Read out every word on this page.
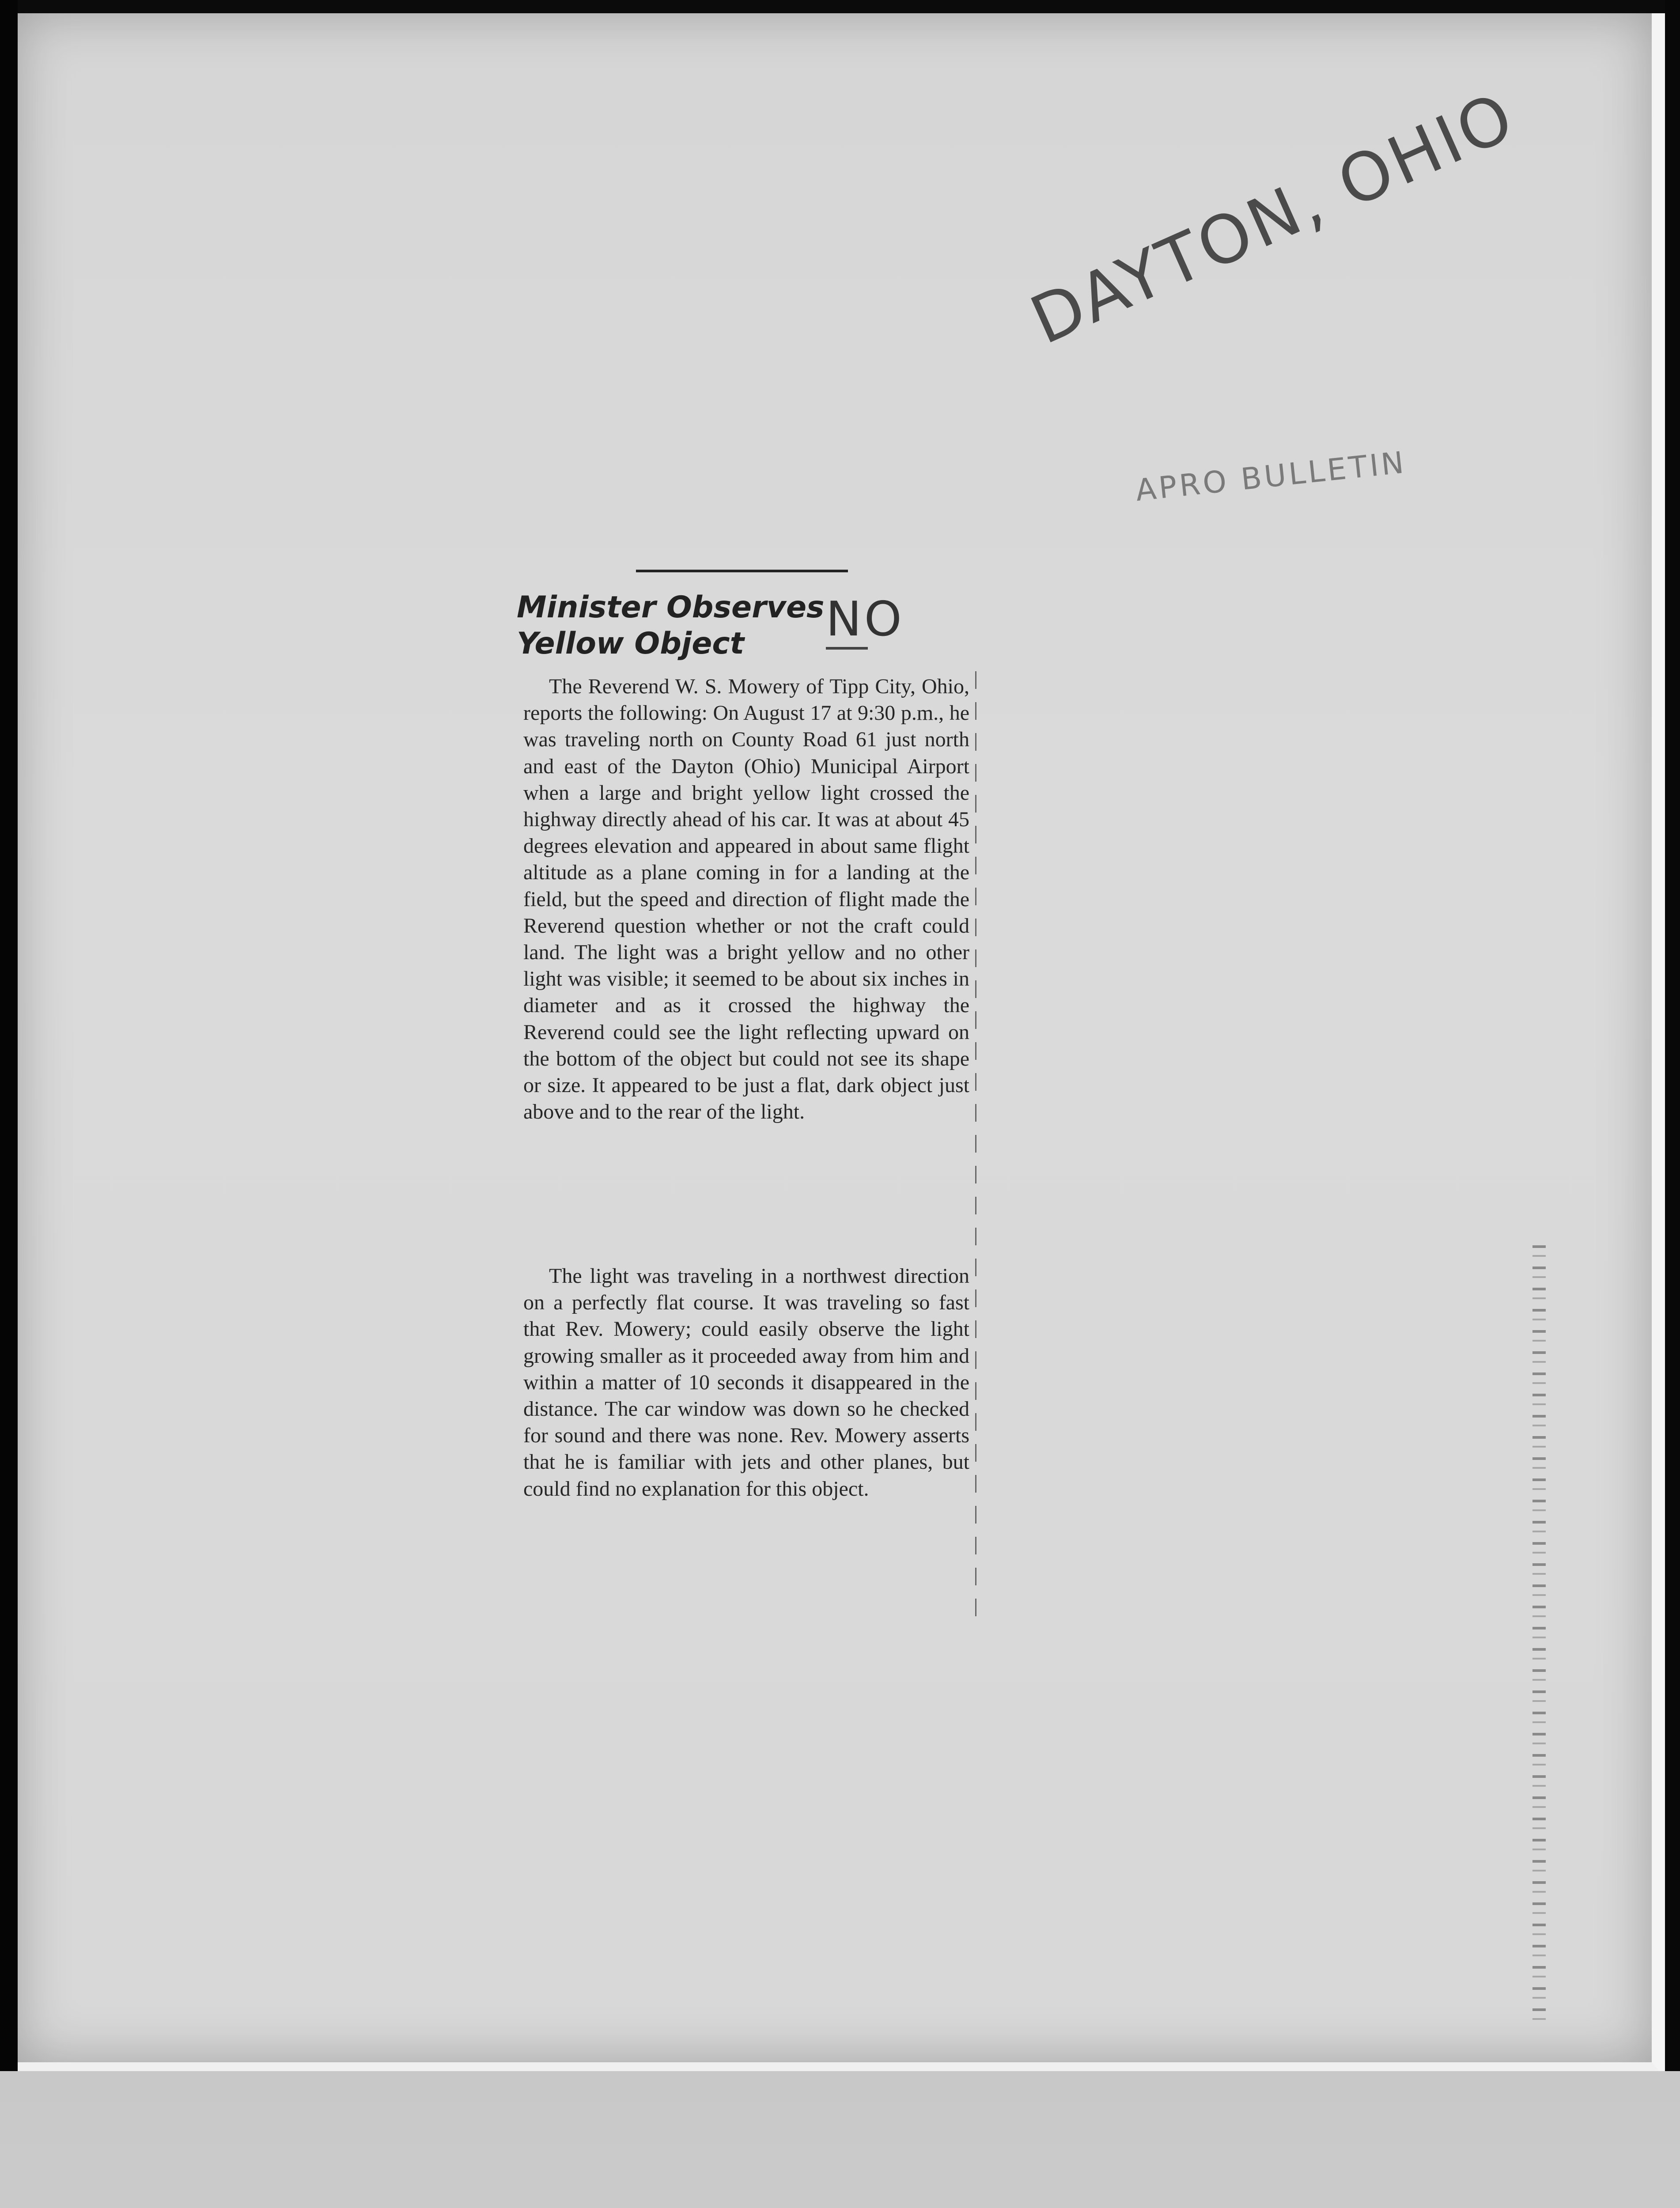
DAYTON, OHIO
APRO BULLETIN
Minister Observes Yellow Object	NO
The Reverend W. S. Mowery of Tipp City, Ohio, reports the following: On August 17 at 9:30 p.m., he was traveling north on County Road 61 just north and east of the Dayton (Ohio) Municipal Airport when a large and bright yellow light crossed the highway directly ahead of his car. It was at about 45 degrees elevation and appeared in about same flight altitude as a plane coming in for a landing at the field, but the speed and direction of flight made the Reverend question whether or not the craft could land. The light was a bright yellow and no other light was visible; it seemed to be about six inches in diameter and as it crossed the highway the Reverend could see the light reflecting upward on the bottom of the object but could not see its shape or size. It appeared to be just a flat, dark object just above and to the rear of the light.
The light was traveling in a northwest direction on a perfectly flat course. It was traveling so fast that Rev. Mowery; could easily observe the light growing smaller as it proceeded away from him and within a matter of 10 seconds it disappeared in the distance. The car window was down so he checked for sound and there was none. Rev. Mowery asserts that he is familiar with jets and other planes, but could find no explanation for this object.
